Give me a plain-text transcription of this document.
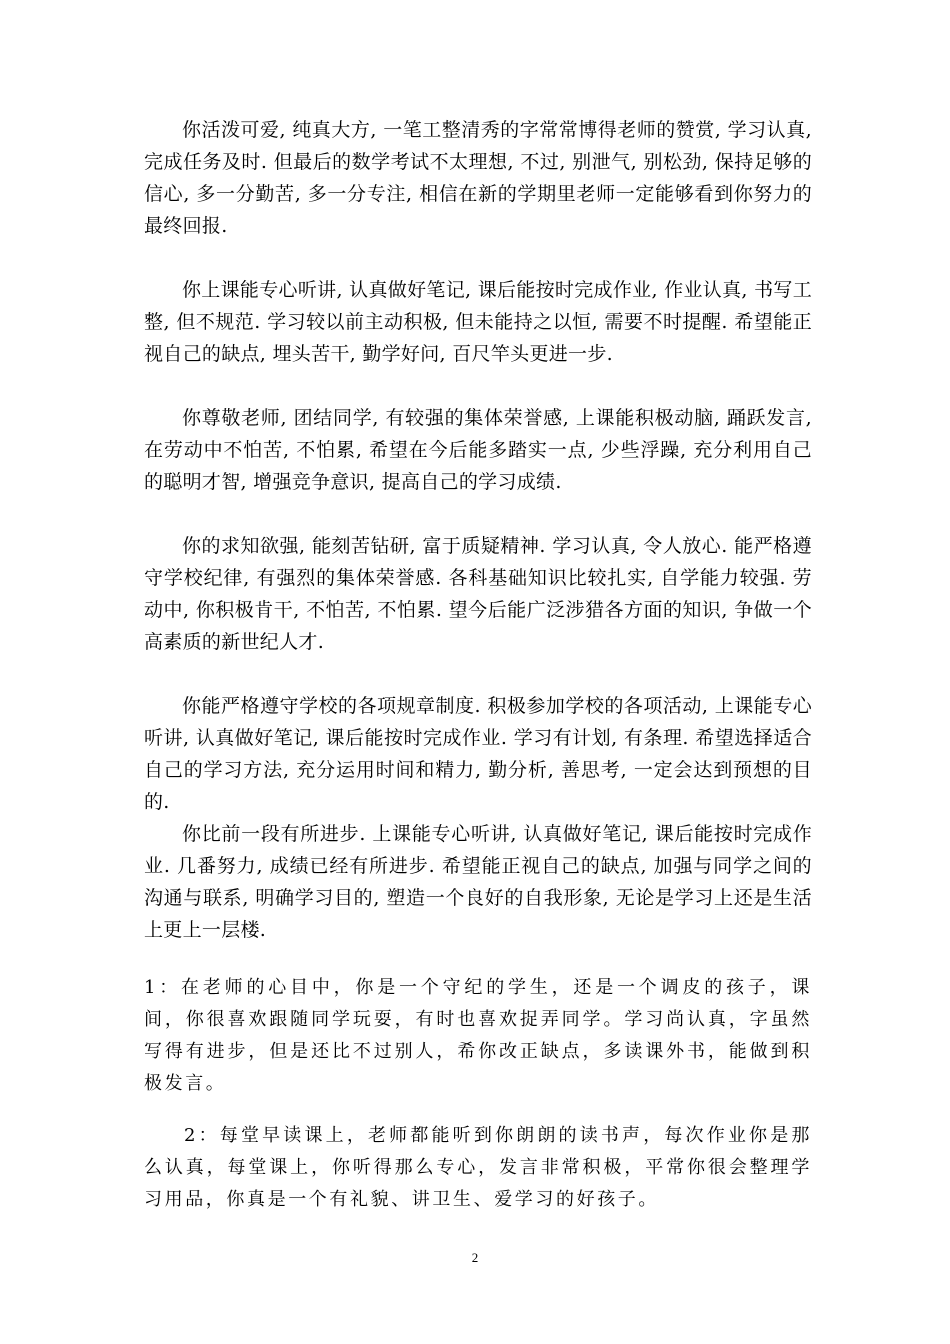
你活泼可爱, 纯真大方, 一笔工整清秀的字常常博得老师的赞赏, 学习认真, 完成任务及时. 但最后的数学考试不太理想, 不过, 别泄气, 别松劲, 保持足够的信心, 多一分勤苦, 多一分专注, 相信在新的学期里老师一定能够看到你努力的最终回报.

你上课能专心听讲, 认真做好笔记, 课后能按时完成作业, 作业认真, 书写工整, 但不规范. 学习较以前主动积极, 但未能持之以恒, 需要不时提醒. 希望能正视自己的缺点, 埋头苦干, 勤学好问, 百尺竿头更进一步.

你尊敬老师, 团结同学, 有较强的集体荣誉感, 上课能积极动脑, 踊跃发言, 在劳动中不怕苦, 不怕累, 希望在今后能多踏实一点, 少些浮躁, 充分利用自己的聪明才智, 增强竞争意识, 提高自己的学习成绩.

你的求知欲强, 能刻苦钻研, 富于质疑精神. 学习认真, 令人放心. 能严格遵守学校纪律, 有强烈的集体荣誉感. 各科基础知识比较扎实, 自学能力较强. 劳动中, 你积极肯干, 不怕苦, 不怕累. 望今后能广泛涉猎各方面的知识, 争做一个高素质的新世纪人才.

你能严格遵守学校的各项规章制度. 积极参加学校的各项活动, 上课能专心听讲, 认真做好笔记, 课后能按时完成作业. 学习有计划, 有条理. 希望选择适合自己的学习方法, 充分运用时间和精力, 勤分析, 善思考, 一定会达到预想的目的.

你比前一段有所进步. 上课能专心听讲, 认真做好笔记, 课后能按时完成作业. 几番努力, 成绩已经有所进步. 希望能正视自己的缺点, 加强与同学之间的沟通与联系, 明确学习目的, 塑造一个良好的自我形象, 无论是学习上还是生活上更上一层楼.

1：在老师的心目中，你是一个守纪的学生，还是一个调皮的孩子，课间，你很喜欢跟随同学玩耍，有时也喜欢捉弄同学。学习尚认真，字虽然写得有进步，但是还比不过别人，希你改正缺点，多读课外书，能做到积极发言。

2：每堂早读课上，老师都能听到你朗朗的读书声，每次作业你是那么认真，每堂课上，你听得那么专心，发言非常积极，平常你很会整理学习用品，你真是一个有礼貌、讲卫生、爱学习的好孩子。

2
